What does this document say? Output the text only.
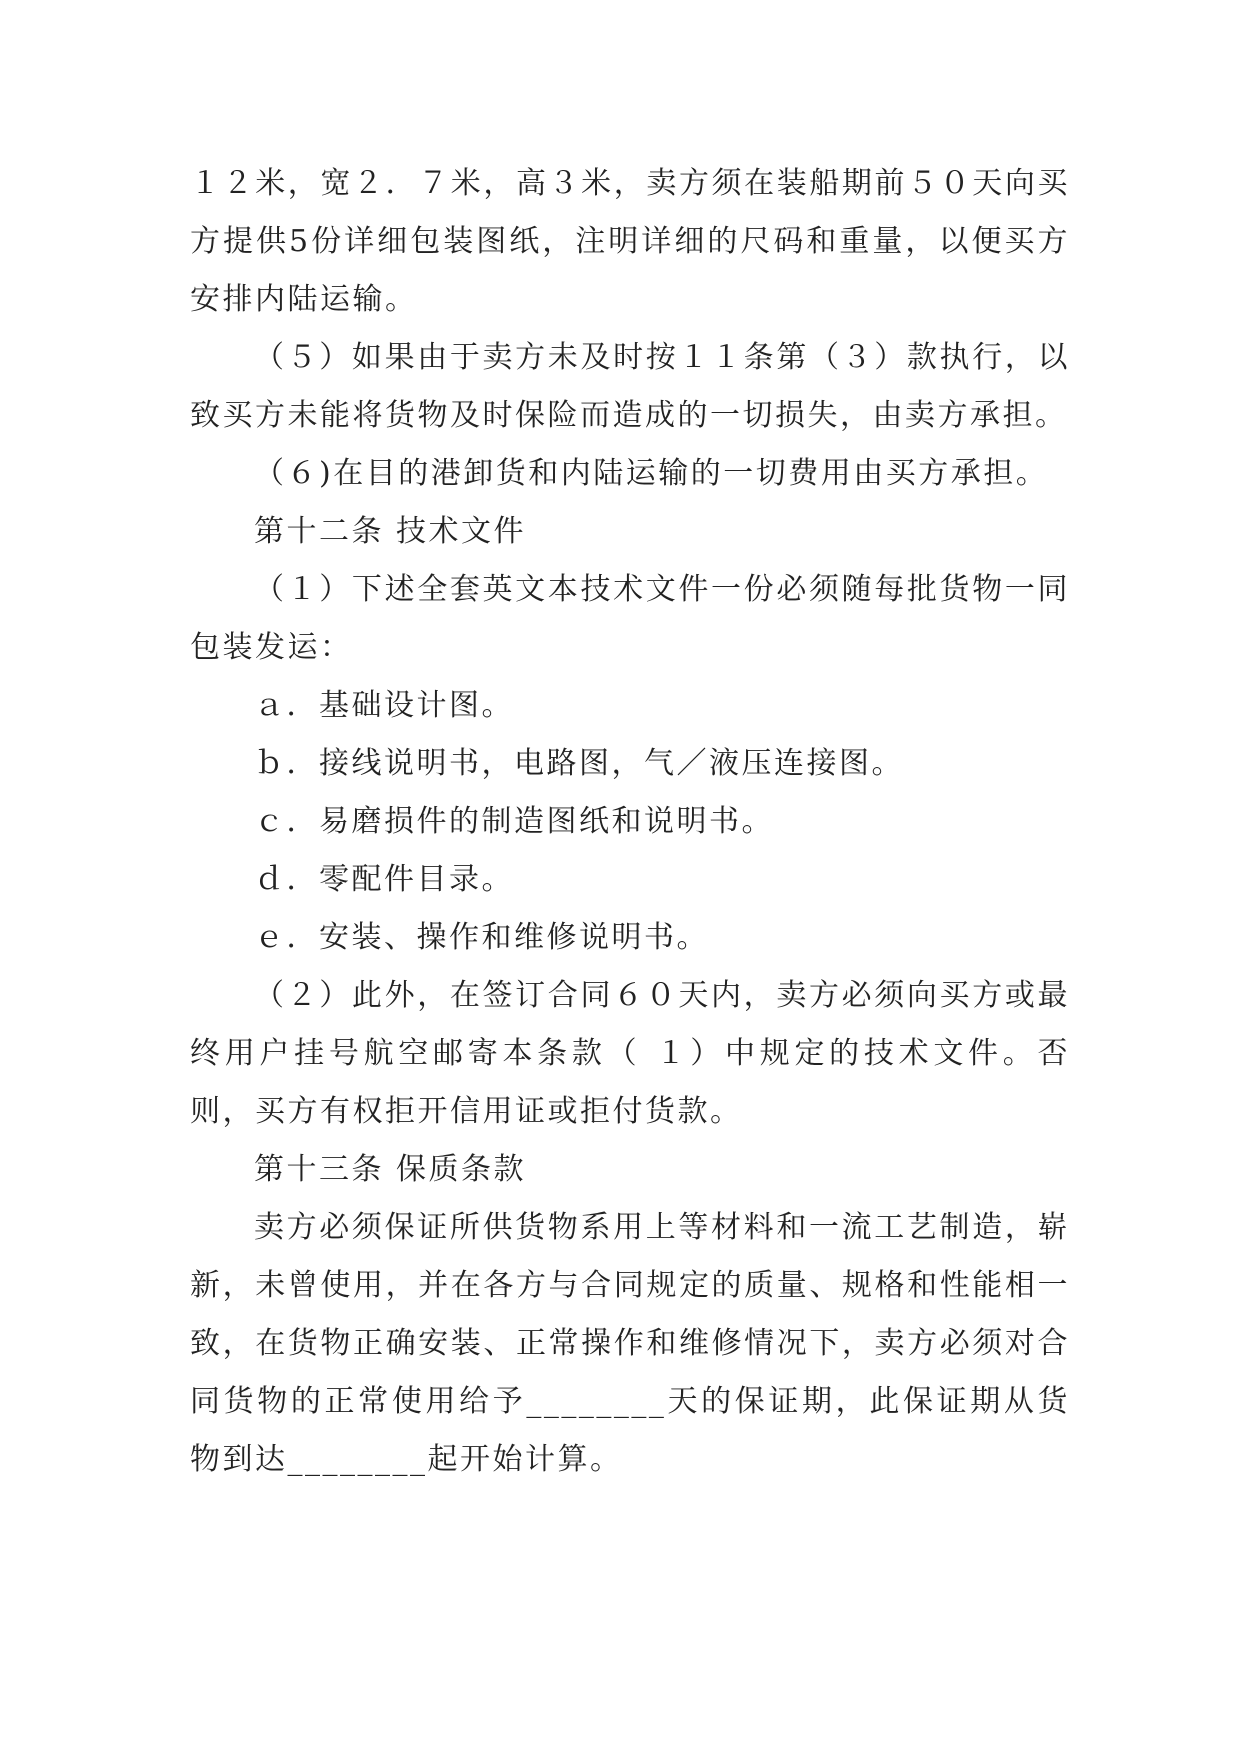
１２米，宽２．７米，高３米，卖方须在装船期前５０天向买方提供5份详细包装图纸，注明详细的尺码和重量，以便买方安排内陆运输。

（５）如果由于卖方未及时按１１条第（３）款执行，以致买方未能将货物及时保险而造成的一切损失，由卖方承担。

（６)在目的港卸货和内陆运输的一切费用由买方承担。

第十二条 技术文件

（１）下述全套英文本技术文件一份必须随每批货物一同包装发运：

ａ．基础设计图。

ｂ．接线说明书，电路图，气／液压连接图。

ｃ．易磨损件的制造图纸和说明书。

ｄ．零配件目录。

ｅ．安装、操作和维修说明书。

（２）此外，在签订合同６０天内，卖方必须向买方或最终用户挂号航空邮寄本条款（ １）中规定的技术文件。否则，买方有权拒开信用证或拒付货款。

第十三条 保质条款

卖方必须保证所供货物系用上等材料和一流工艺制造，崭新，未曾使用，并在各方与合同规定的质量、规格和性能相一致，在货物正确安装、正常操作和维修情况下，卖方必须对合同货物的正常使用给予________天的保证期，此保证期从货物到达________起开始计算。
